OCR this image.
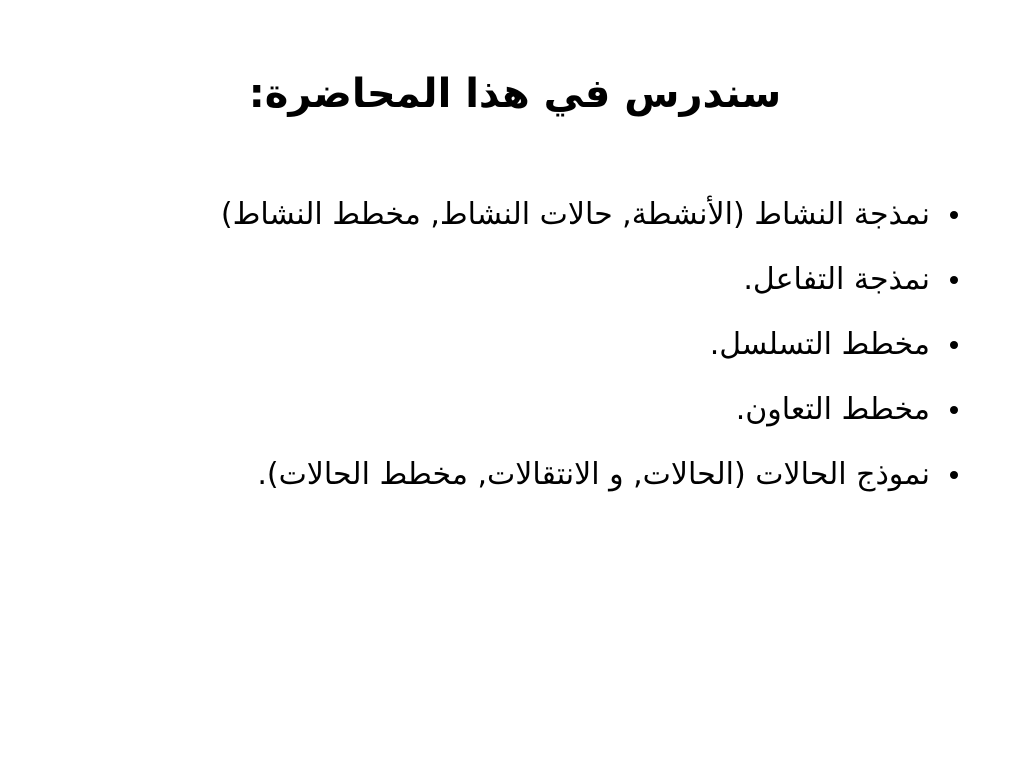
سندرس في هذا المحاضرة:
نمذجة النشاط (الأنشطة, حالات النشاط, مخطط النشاط)
نمذجة التفاعل.
مخطط التسلسل.
مخطط التعاون.
نموذج الحالات (الحالات, و الانتقالات, مخطط الحالات).
